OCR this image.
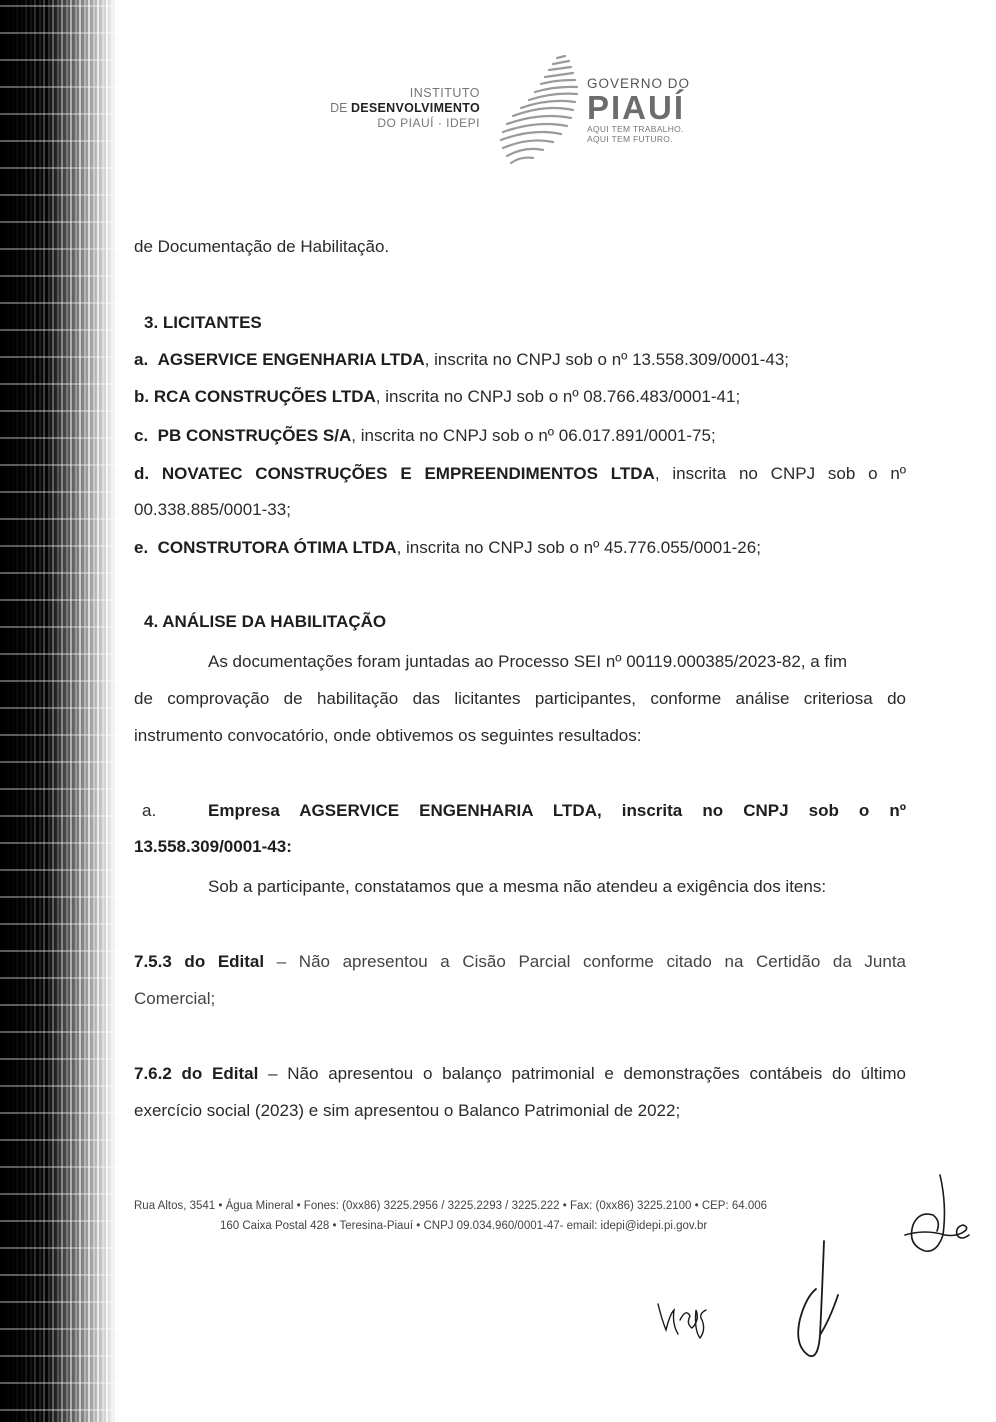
INSTITUTO
DE DESENVOLVIMENTO
DO PIAUÍ · IDEPI
GOVERNO DO
PIAUÍ
AQUI TEM TRABALHO.
AQUI TEM FUTURO.
de Documentação de Habilitação.
3. LICITANTES
a. AGSERVICE ENGENHARIA LTDA, inscrita no CNPJ sob o nº 13.558.309/0001-43;
b. RCA CONSTRUÇÕES LTDA, inscrita no CNPJ sob o nº 08.766.483/0001-41;
c. PB CONSTRUÇÕES S/A, inscrita no CNPJ sob o nº 06.017.891/0001-75;
d. NOVATEC CONSTRUÇÕES E EMPREENDIMENTOS LTDA, inscrita no CNPJ sob o nº
00.338.885/0001-33;
e. CONSTRUTORA ÓTIMA LTDA, inscrita no CNPJ sob o nº 45.776.055/0001-26;
4. ANÁLISE DA HABILITAÇÃO
As documentações foram juntadas ao Processo SEI nº 00119.000385/2023-82, a fim
de comprovação de habilitação das licitantes participantes, conforme análise criteriosa do
instrumento convocatório, onde obtivemos os seguintes resultados:
a.	Empresa AGSERVICE ENGENHARIA LTDA, inscrita no CNPJ sob o nº
13.558.309/0001-43:
Sob a participante, constatamos que a mesma não atendeu a exigência dos itens:
7.5.3 do Edital – Não apresentou a Cisão Parcial conforme citado na Certidão da Junta
Comercial;
7.6.2 do Edital – Não apresentou o balanço patrimonial e demonstrações contábeis do último
exercício social (2023) e sim apresentou o Balanco Patrimonial de 2022;
Rua Altos, 3541 • Água Mineral • Fones: (0xx86) 3225.2956 / 3225.2293 / 3225.222 • Fax: (0xx86) 3225.2100 • CEP: 64.006
160 Caixa Postal 428 • Teresina-Piauí • CNPJ 09.034.960/0001-47- email: idepi@idepi.pi.gov.br
